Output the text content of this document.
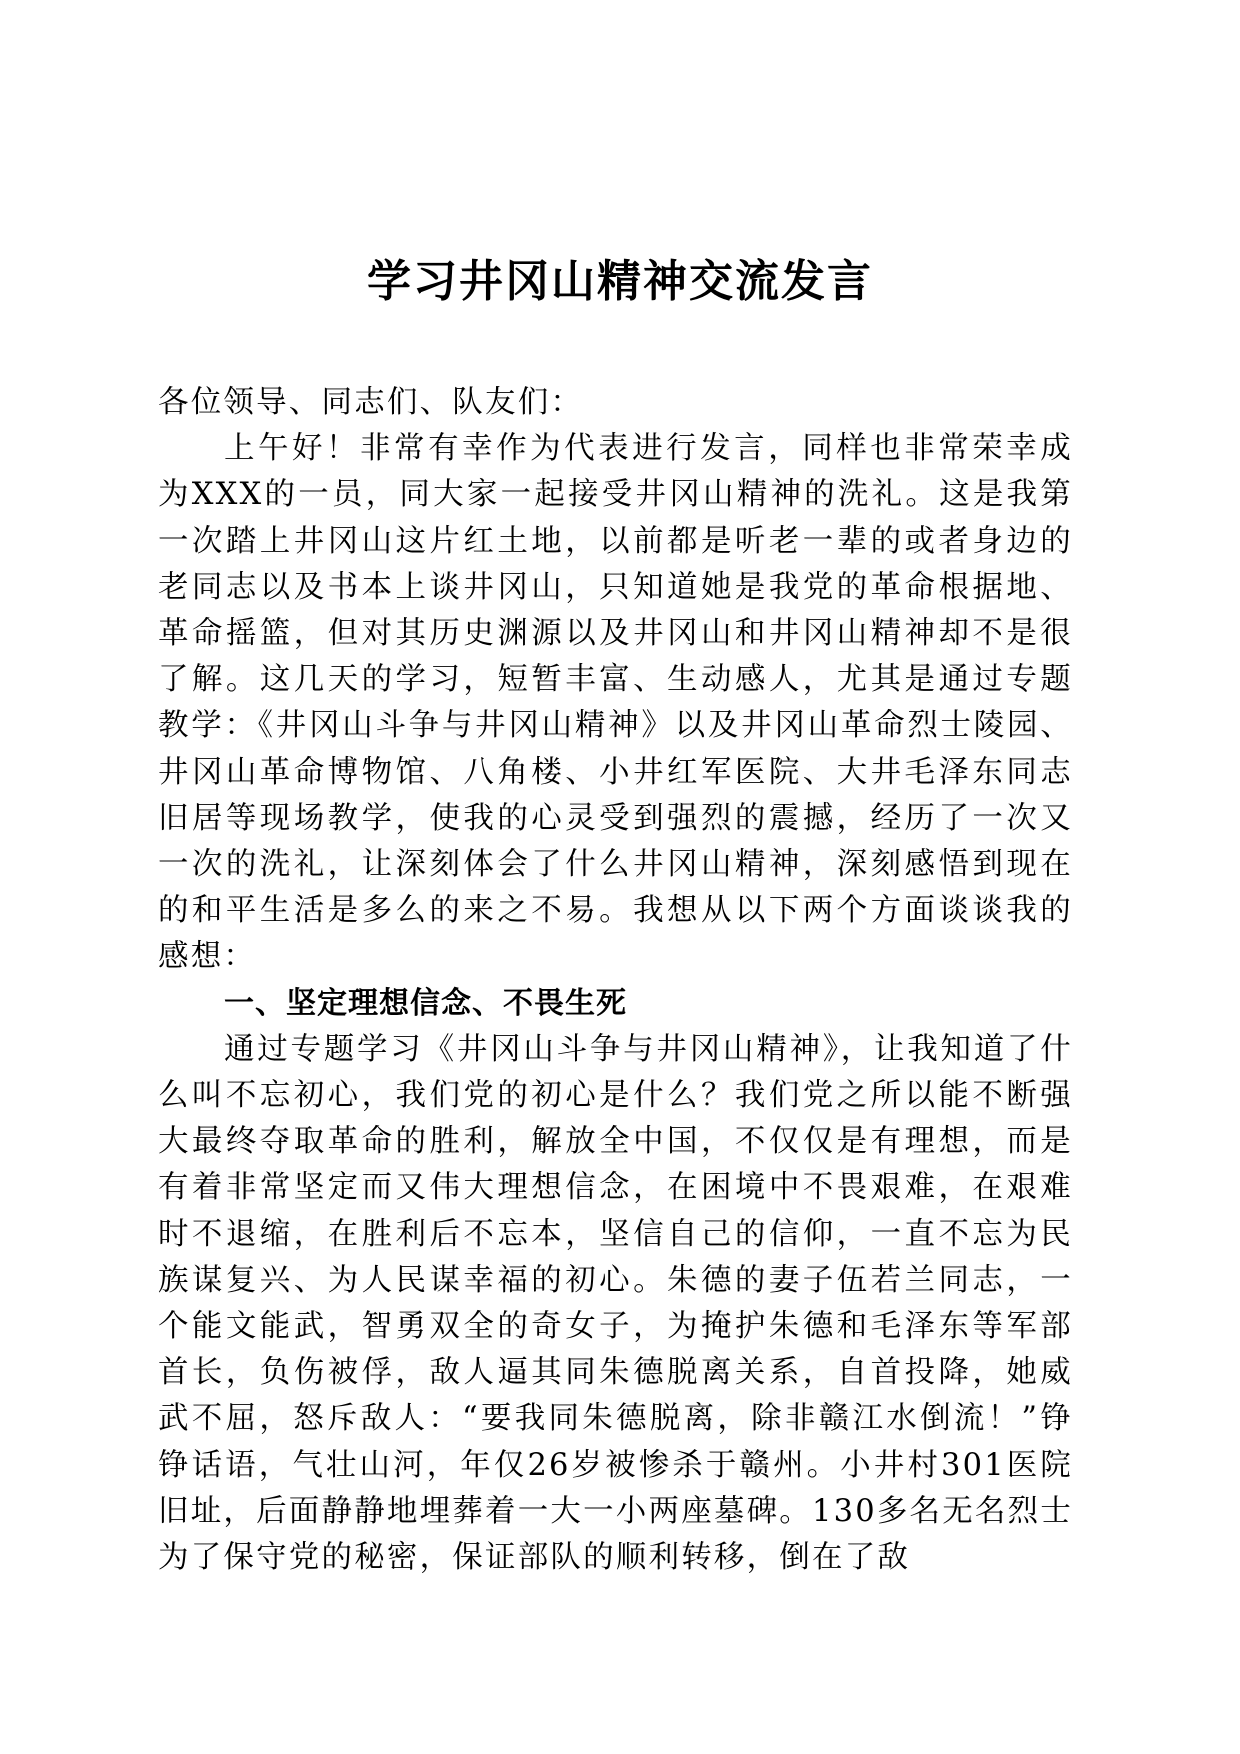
学习井冈山精神交流发言

各位领导、同志们、队友们：

上午好！非常有幸作为代表进行发言，同样也非常荣幸成为XXX的一员，同大家一起接受井冈山精神的洗礼。这是我第一次踏上井冈山这片红土地，以前都是听老一辈的或者身边的老同志以及书本上谈井冈山，只知道她是我党的革命根据地、革命摇篮，但对其历史渊源以及井冈山和井冈山精神却不是很了解。这几天的学习，短暂丰富、生动感人，尤其是通过专题教学：《井冈山斗争与井冈山精神》以及井冈山革命烈士陵园、井冈山革命博物馆、八角楼、小井红军医院、大井毛泽东同志旧居等现场教学，使我的心灵受到强烈的震撼，经历了一次又一次的洗礼，让深刻体会了什么井冈山精神，深刻感悟到现在的和平生活是多么的来之不易。我想从以下两个方面谈谈我的感想：

一、坚定理想信念、不畏生死

通过专题学习《井冈山斗争与井冈山精神》，让我知道了什么叫不忘初心，我们党的初心是什么？我们党之所以能不断强大最终夺取革命的胜利，解放全中国，不仅仅是有理想，而是有着非常坚定而又伟大理想信念，在困境中不畏艰难，在艰难时不退缩，在胜利后不忘本，坚信自己的信仰，一直不忘为民族谋复兴、为人民谋幸福的初心。朱德的妻子伍若兰同志，一个能文能武，智勇双全的奇女子，为掩护朱德和毛泽东等军部首长，负伤被俘，敌人逼其同朱德脱离关系，自首投降，她威武不屈，怒斥敌人：“要我同朱德脱离，除非赣江水倒流！”铮铮话语，气壮山河，年仅26岁被惨杀于赣州。小井村301医院旧址，后面静静地埋葬着一大一小两座墓碑。130多名无名烈士为了保守党的秘密，保证部队的顺利转移，倒在了敌
